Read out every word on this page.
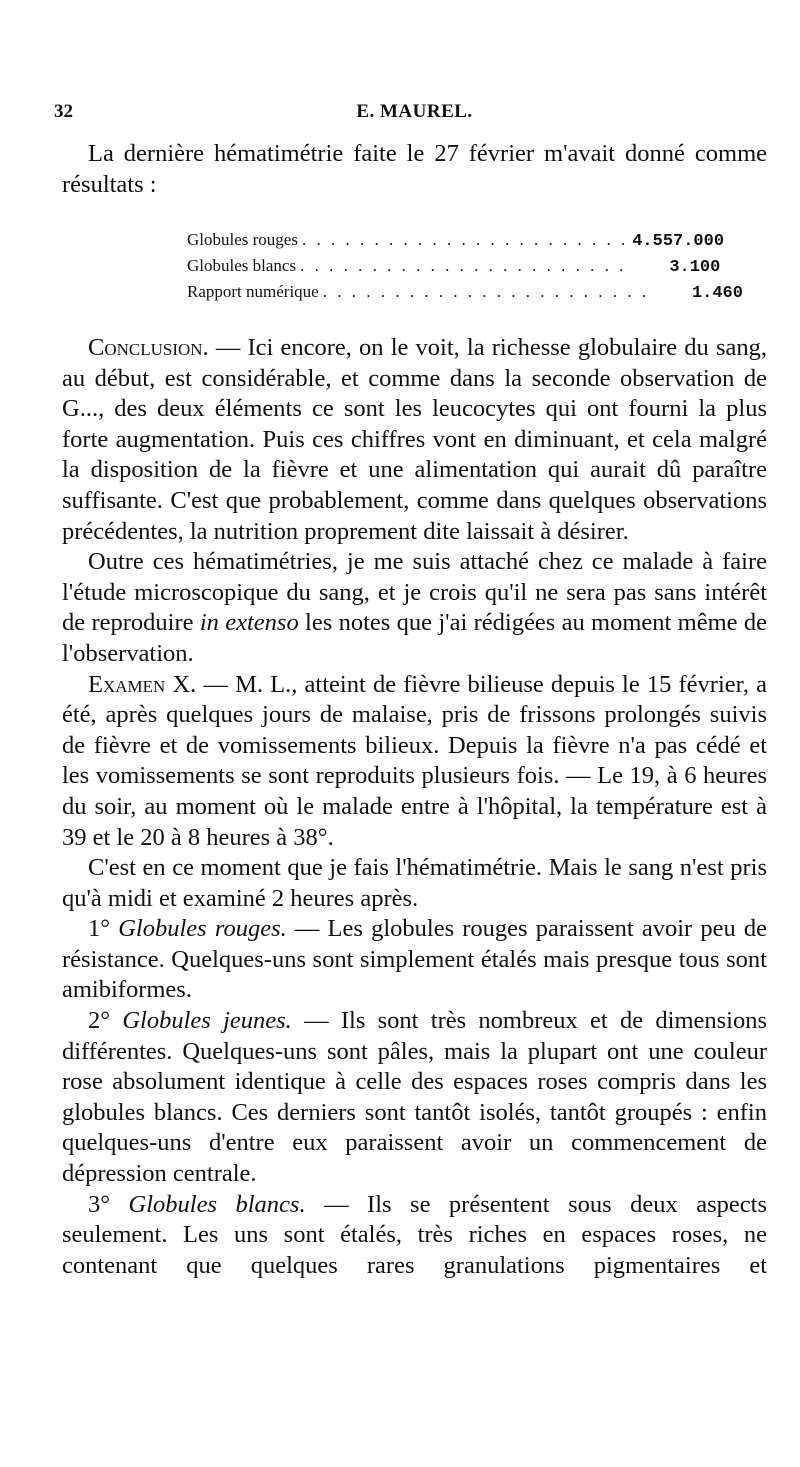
32	E. MAUREL.

La dernière hématimétrie faite le 27 février m'avait donné comme résultats :

Globules rouges . . . . . . . . . . . . . . . . . . . . . . . 4.557.000
Globules blancs . . . . . . . . . . . . . . . . . . . . . . .	3.100
Rapport numérique . . . . . . . . . . . . . . . . . . . . . . .	1.460

Conclusion. — Ici encore, on le voit, la richesse globulaire du sang, au début, est considérable, et comme dans la seconde observation de G..., des deux éléments ce sont les leucocytes qui ont fourni la plus forte augmentation. Puis ces chiffres vont en diminuant, et cela malgré la disposition de la fièvre et une alimentation qui aurait dû paraître suffisante. C'est que probablement, comme dans quelques observations précédentes, la nutrition proprement dite laissait à désirer.

Outre ces hématimétries, je me suis attaché chez ce malade à faire l'étude microscopique du sang, et je crois qu'il ne sera pas sans intérêt de reproduire in extenso les notes que j'ai rédigées au moment même de l'observation.

Examen X. — M. L., atteint de fièvre bilieuse depuis le 15 février, a été, après quelques jours de malaise, pris de frissons prolongés suivis de fièvre et de vomissements bilieux. Depuis la fièvre n'a pas cédé et les vomissements se sont reproduits plusieurs fois. — Le 19, à 6 heures du soir, au moment où le malade entre à l'hôpital, la température est à 39 et le 20 à 8 heures à 38°.

C'est en ce moment que je fais l'hématimétrie. Mais le sang n'est pris qu'à midi et examiné 2 heures après.

1° Globules rouges. — Les globules rouges paraissent avoir peu de résistance. Quelques-uns sont simplement étalés mais presque tous sont amibiformes.

2° Globules jeunes. — Ils sont très nombreux et de dimensions différentes. Quelques-uns sont pâles, mais la plupart ont une couleur rose absolument identique à celle des espaces roses compris dans les globules blancs. Ces derniers sont tantôt isolés, tantôt groupés : enfin quelques-uns d'entre eux paraissent avoir un commencement de dépression centrale.

3° Globules blancs. — Ils se présentent sous deux aspects seulement. Les uns sont étalés, très riches en espaces roses, ne contenant que quelques rares granulations pigmentaires et
